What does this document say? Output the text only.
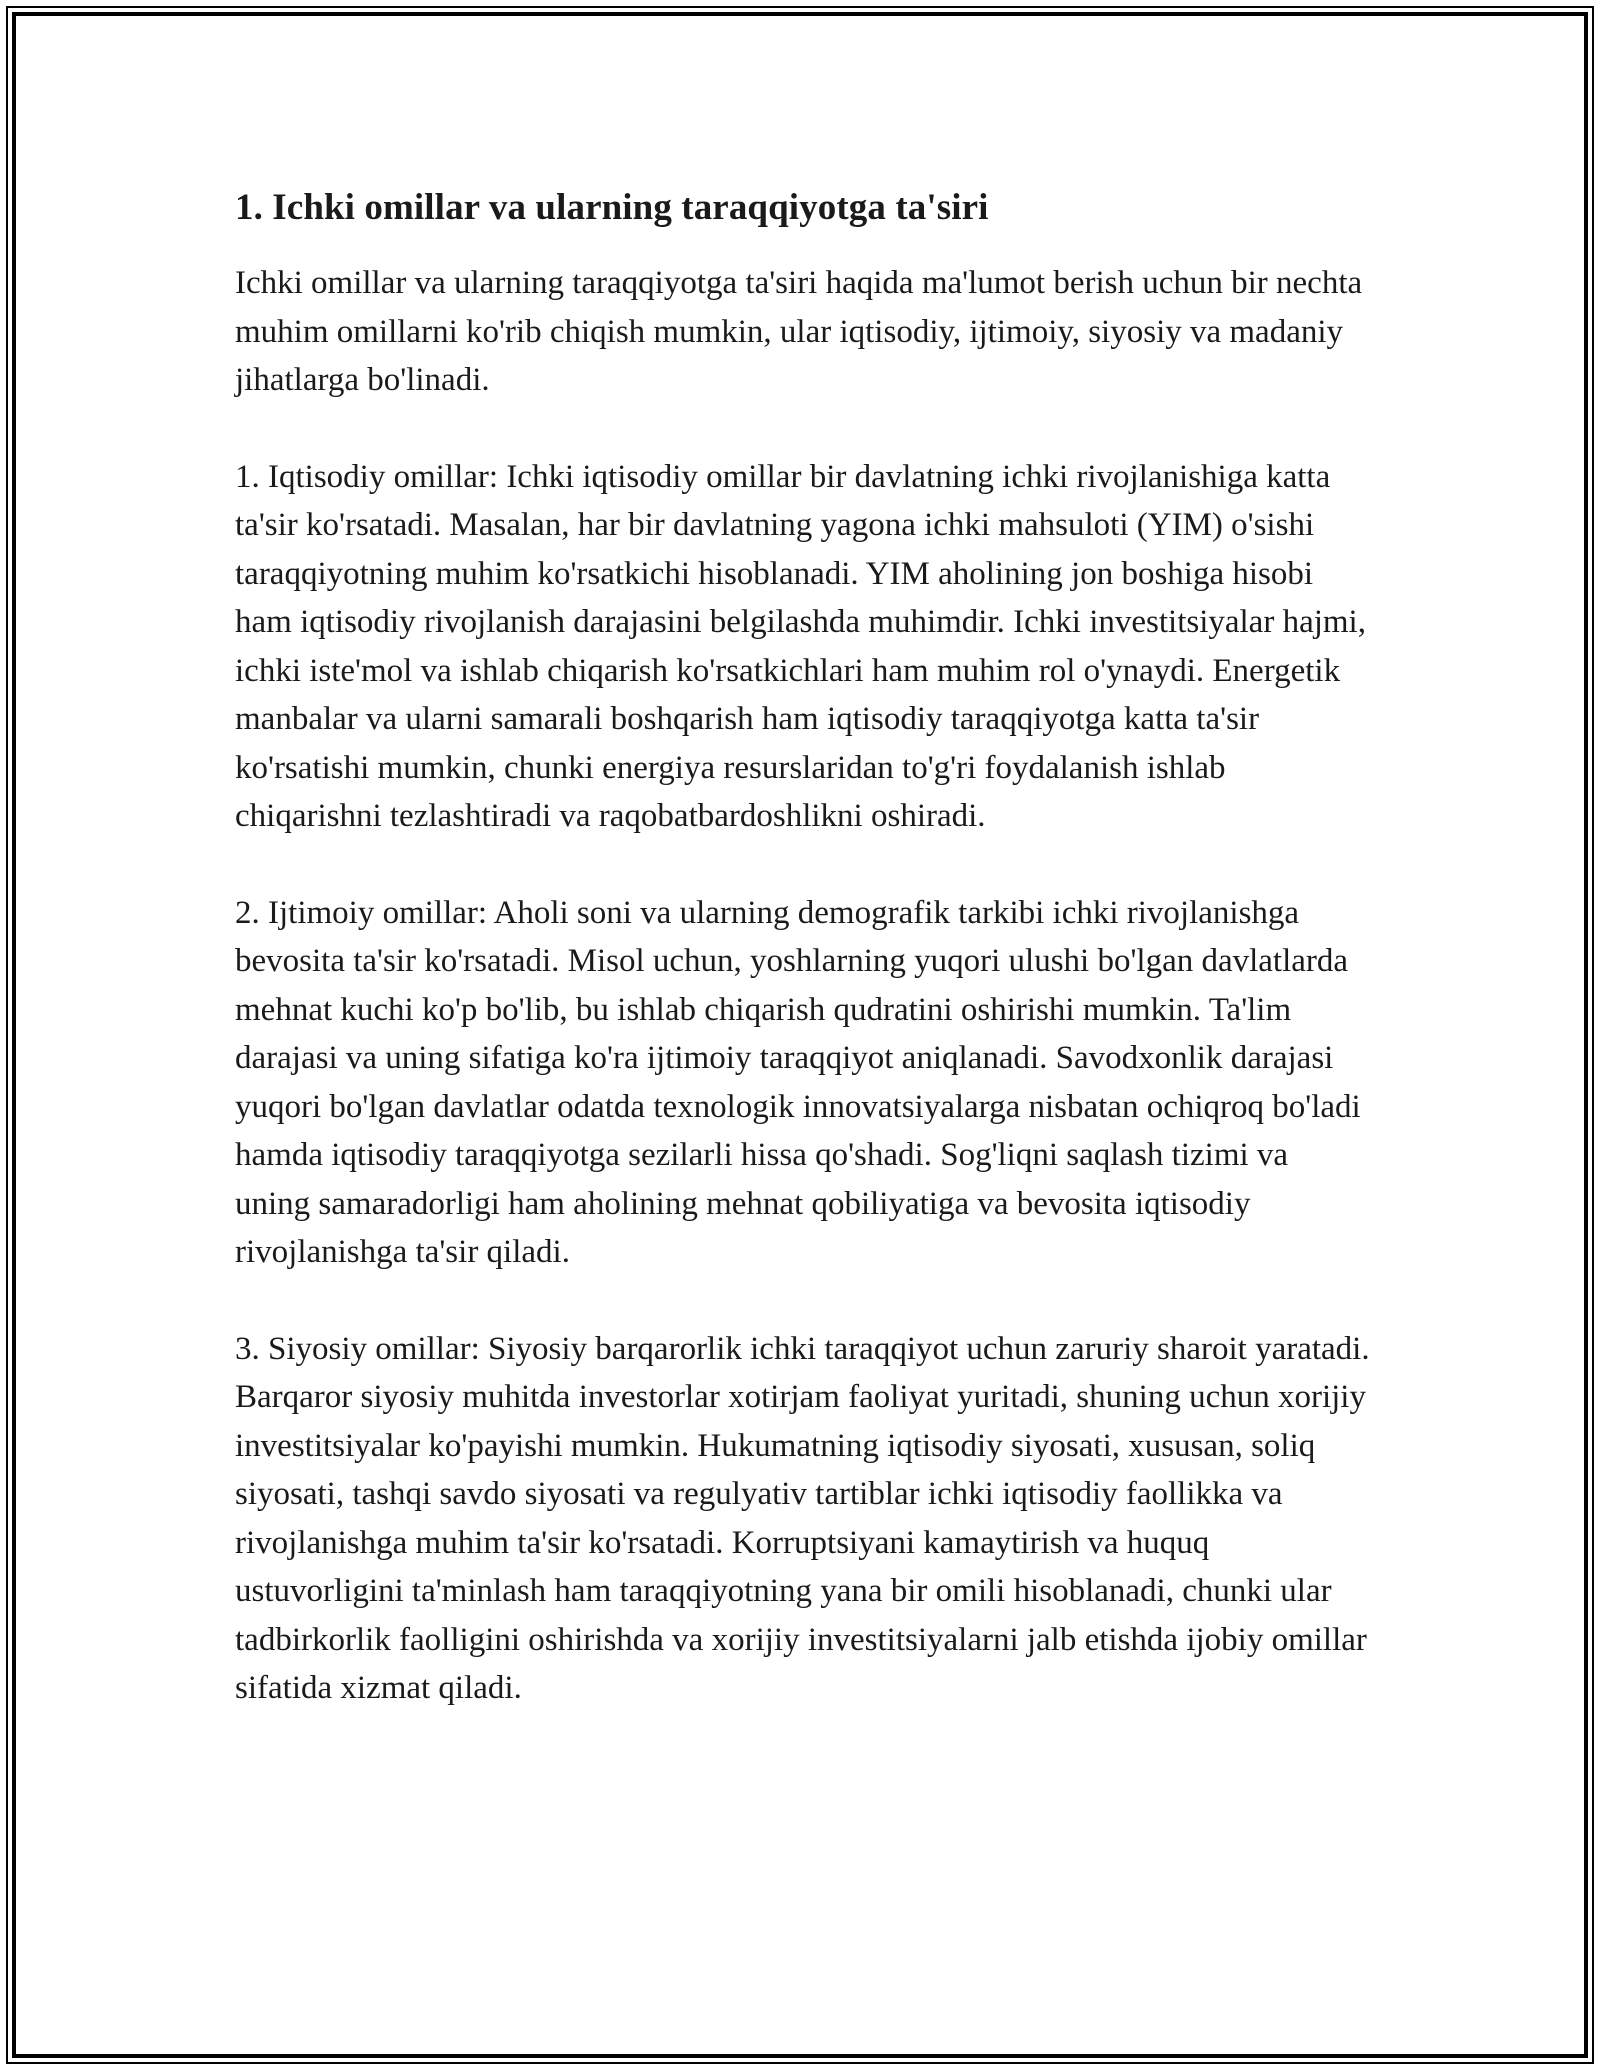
1. Ichki omillar va ularning taraqqiyotga ta'siri

Ichki omillar va ularning taraqqiyotga ta'siri haqida ma'lumot berish uchun bir nechta muhim omillarni ko'rib chiqish mumkin, ular iqtisodiy, ijtimoiy, siyosiy va madaniy jihatlarga bo'linadi.

1. Iqtisodiy omillar: Ichki iqtisodiy omillar bir davlatning ichki rivojlanishiga katta ta'sir ko'rsatadi. Masalan, har bir davlatning yagona ichki mahsuloti (YIM) o'sishi taraqqiyotning muhim ko'rsatkichi hisoblanadi. YIM aholining jon boshiga hisobi ham iqtisodiy rivojlanish darajasini belgilashda muhimdir. Ichki investitsiyalar hajmi, ichki iste'mol va ishlab chiqarish ko'rsatkichlari ham muhim rol o'ynaydi. Energetik manbalar va ularni samarali boshqarish ham iqtisodiy taraqqiyotga katta ta'sir ko'rsatishi mumkin, chunki energiya resurslaridan to'g'ri foydalanish ishlab chiqarishni tezlashtiradi va raqobatbardoshlikni oshiradi.

2. Ijtimoiy omillar: Aholi soni va ularning demografik tarkibi ichki rivojlanishga bevosita ta'sir ko'rsatadi. Misol uchun, yoshlarning yuqori ulushi bo'lgan davlatlarda mehnat kuchi ko'p bo'lib, bu ishlab chiqarish qudratini oshirishi mumkin. Ta'lim darajasi va uning sifatiga ko'ra ijtimoiy taraqqiyot aniqlanadi. Savodxonlik darajasi yuqori bo'lgan davlatlar odatda texnologik innovatsiyalarga nisbatan ochiqroq bo'ladi hamda iqtisodiy taraqqiyotga sezilarli hissa qo'shadi. Sog'liqni saqlash tizimi va uning samaradorligi ham aholining mehnat qobiliyatiga va bevosita iqtisodiy rivojlanishga ta'sir qiladi.

3. Siyosiy omillar: Siyosiy barqarorlik ichki taraqqiyot uchun zaruriy sharoit yaratadi. Barqaror siyosiy muhitda investorlar xotirjam faoliyat yuritadi, shuning uchun xorijiy investitsiyalar ko'payishi mumkin. Hukumatning iqtisodiy siyosati, xususan, soliq siyosati, tashqi savdo siyosati va regulyativ tartiblar ichki iqtisodiy faollikka va rivojlanishga muhim ta'sir ko'rsatadi. Korruptsiyani kamaytirish va huquq ustuvorligini ta'minlash ham taraqqiyotning yana bir omili hisoblanadi, chunki ular tadbirkorlik faolligini oshirishda va xorijiy investitsiyalarni jalb etishda ijobiy omillar sifatida xizmat qiladi.
